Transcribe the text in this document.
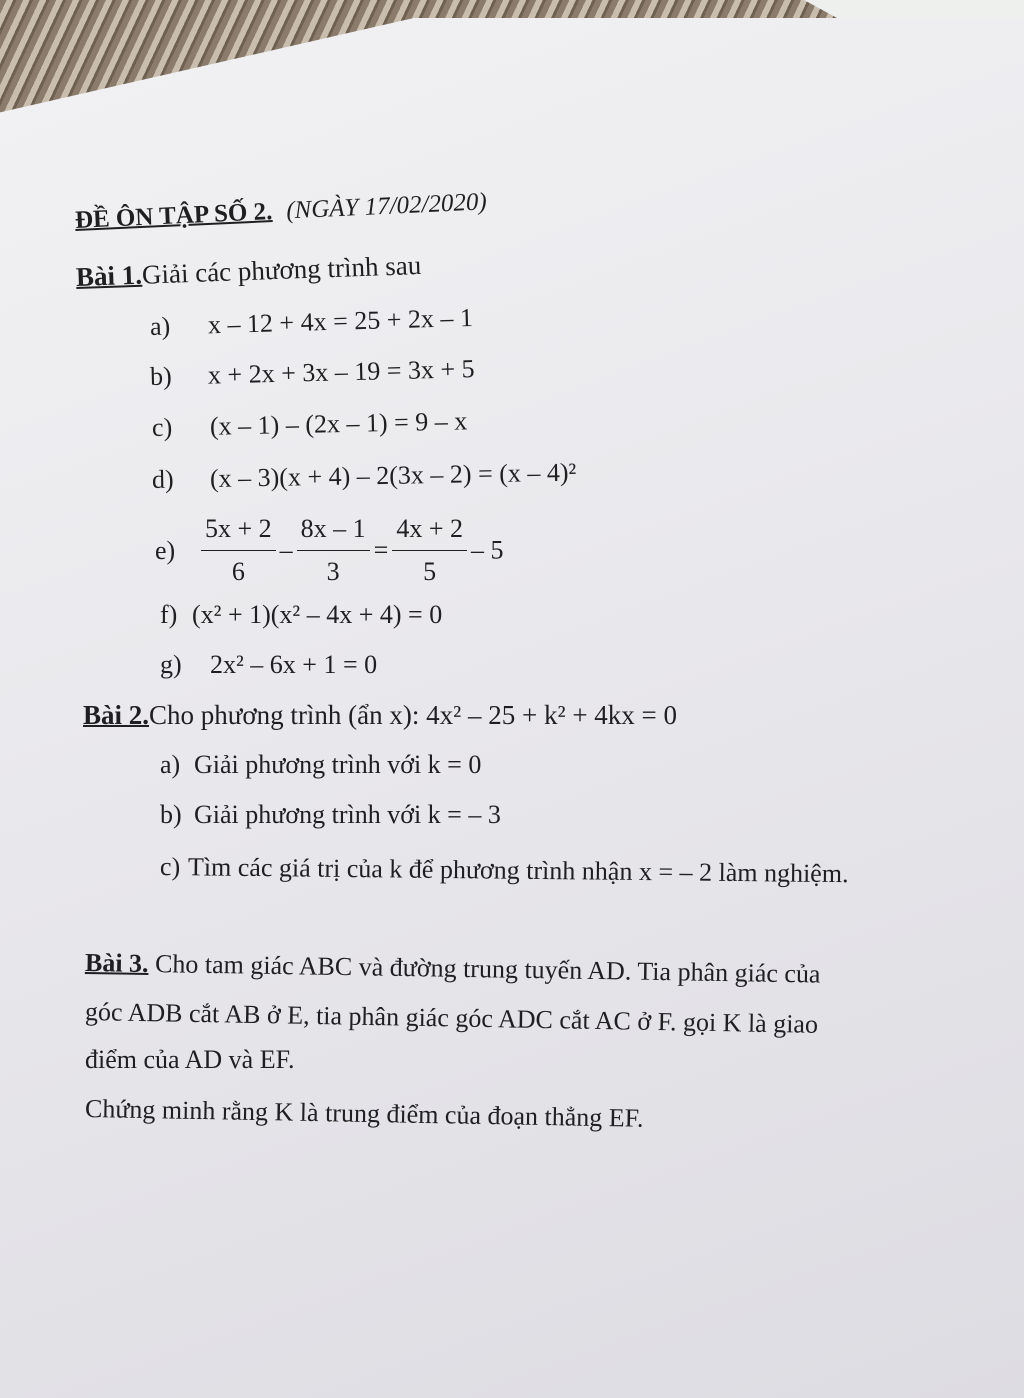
ĐỀ ÔN TẬP SỐ 2. (NGÀY 17/02/2020)
Bài 1.Giải các phương trình sau
a) x – 12 + 4x = 25 + 2x – 1
b) x + 2x + 3x – 19 = 3x + 5
c) (x – 1) – (2x – 1) = 9 – x
d) (x – 3)(x + 4) – 2(3x – 2) = (x – 4)²
$e) \frac{5x + 2}{6} - \frac{8x - 1}{3} = \frac{4x + 2}{5} - 5$
f) (x² + 1)(x² – 4x + 4) = 0
g) 2x² – 6x + 1 = 0
Bài 2.Cho phương trình (ẩn x): 4x² – 25 + k² + 4kx = 0
a) Giải phương trình với k = 0
b) Giải phương trình với k = – 3
c) Tìm các giá trị của k để phương trình nhận x = – 2 làm nghiệm.
Bài 3. Cho tam giác ABC và đường trung tuyến AD. Tia phân giác của
góc ADB cắt AB ở E, tia phân giác góc ADC cắt AC ở F. gọi K là giao
điểm của AD và EF.
Chứng minh rằng K là trung điểm của đoạn thẳng EF.
